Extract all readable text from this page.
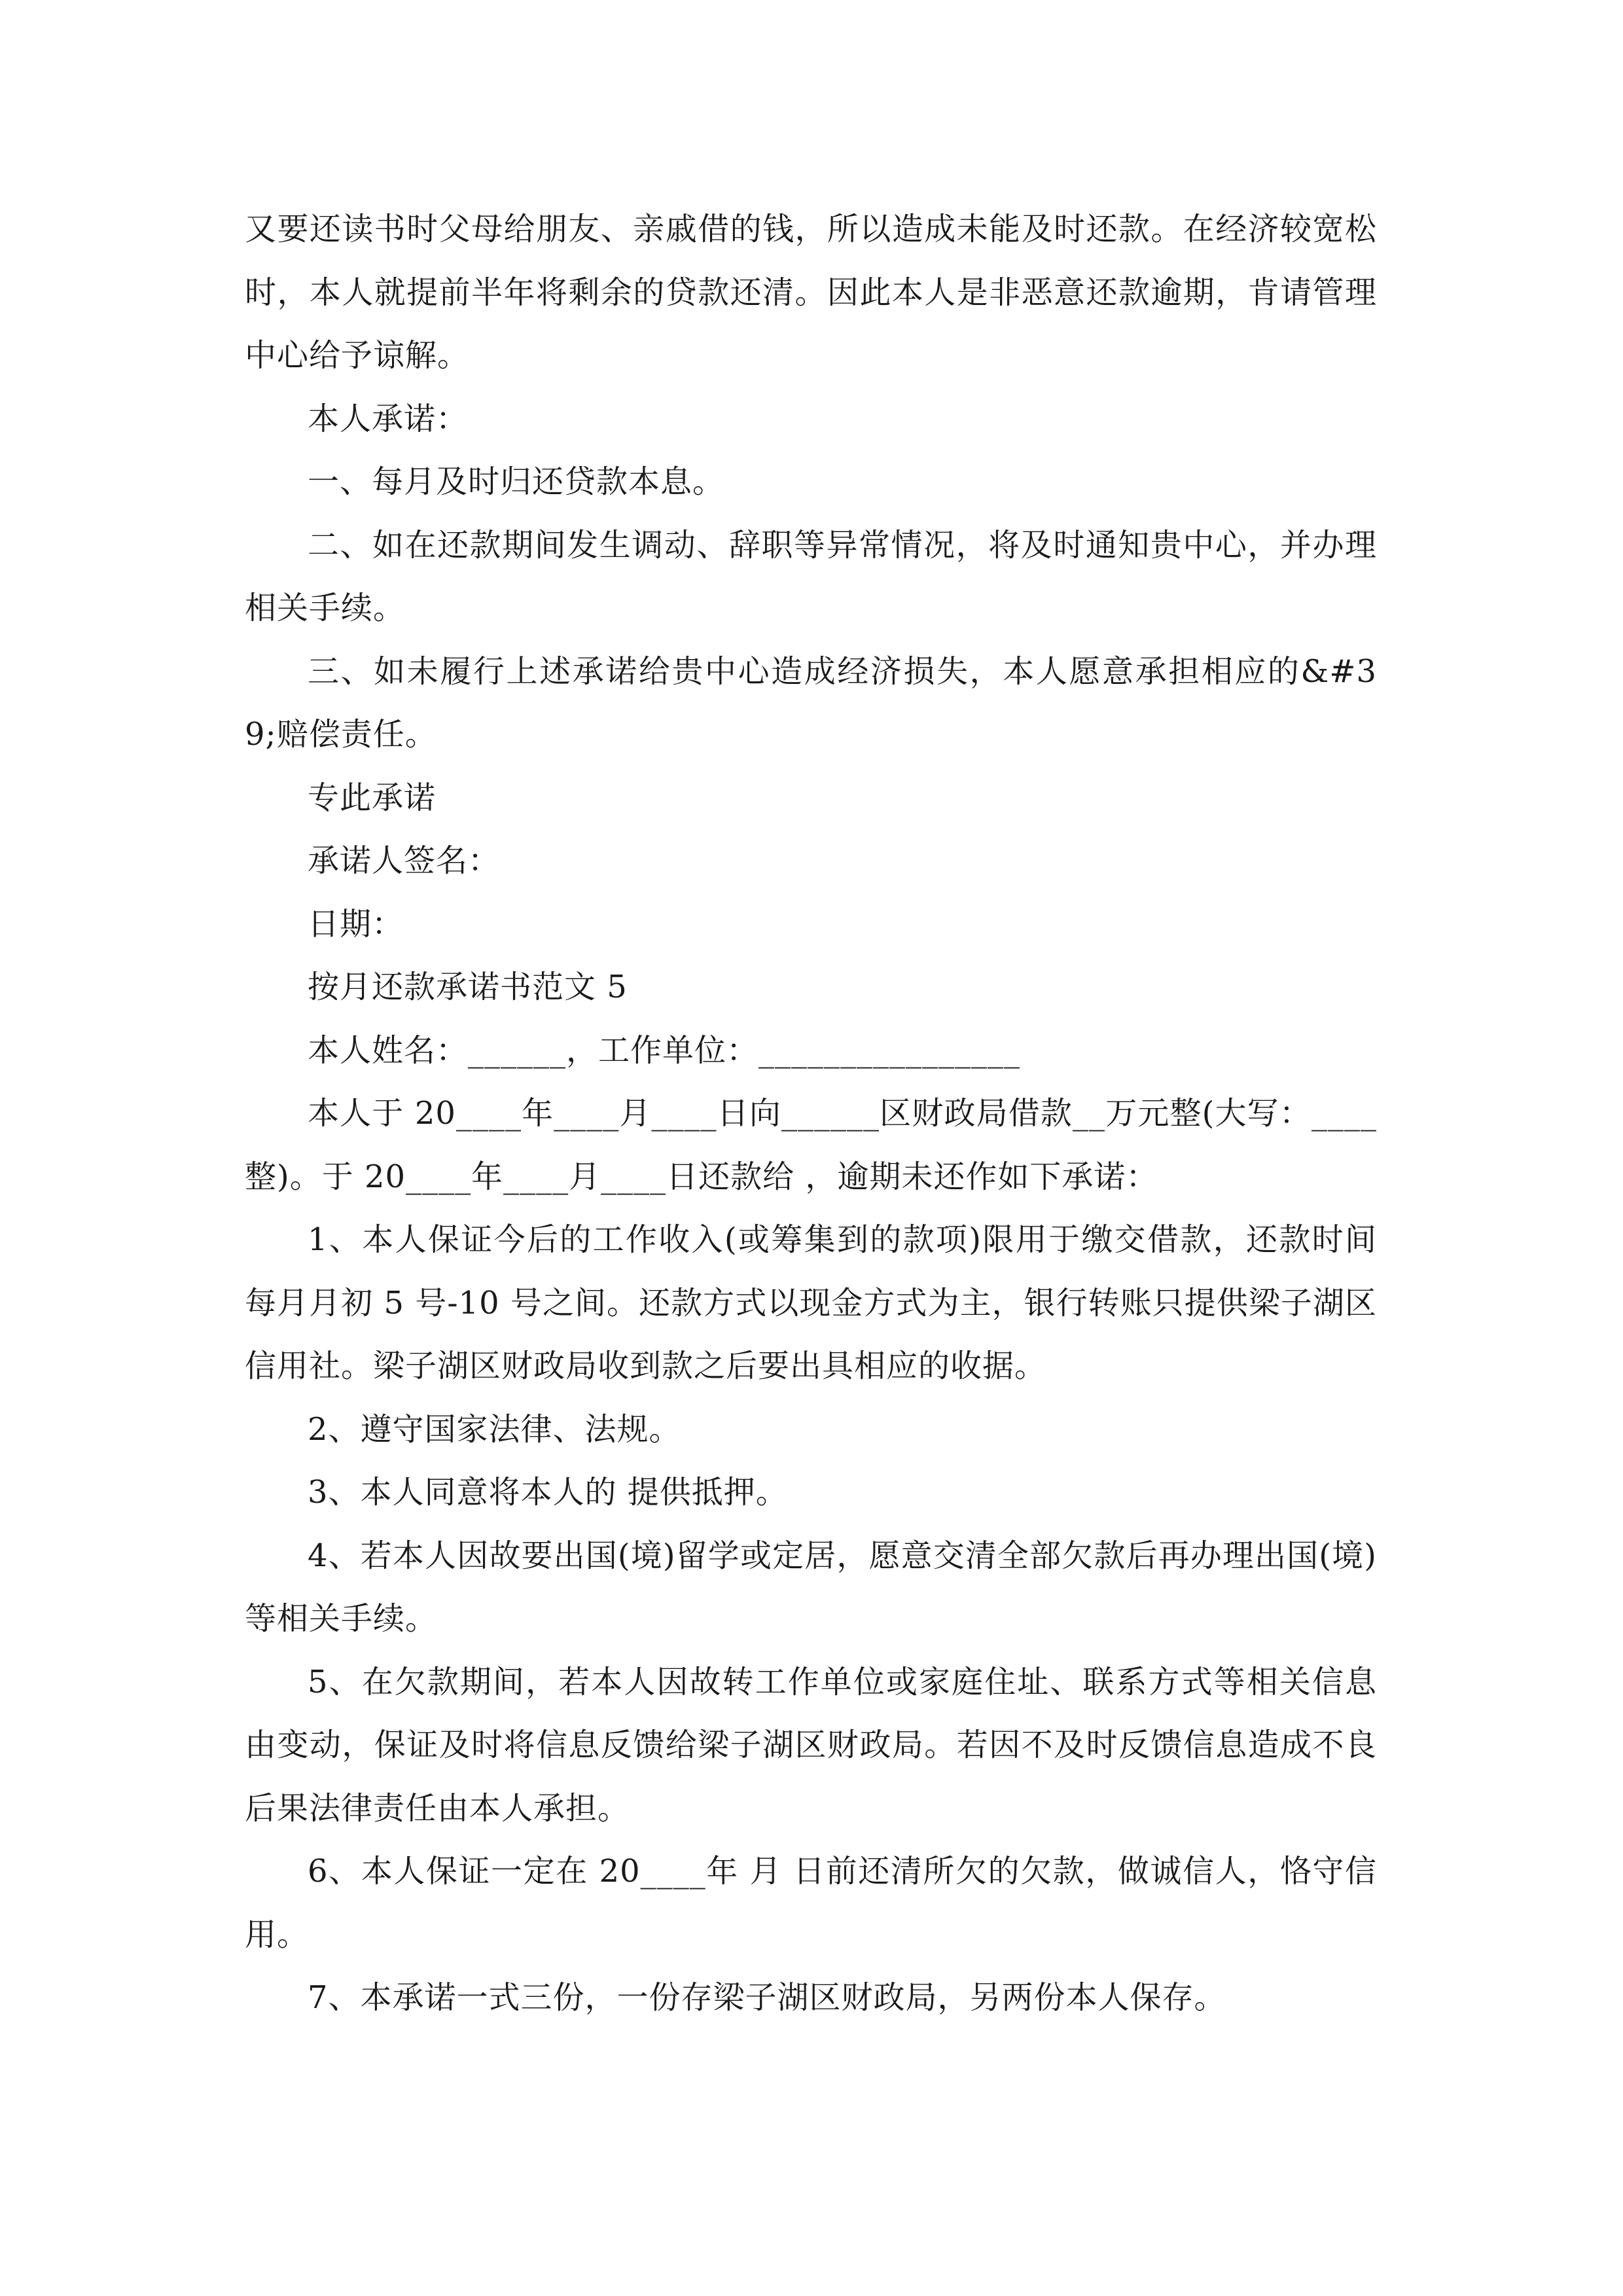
又要还读书时父母给朋友、亲戚借的钱，所以造成未能及时还款。在经济较宽松时，本人就提前半年将剩余的贷款还清。因此本人是非恶意还款逾期，肯请管理中心给予谅解。

本人承诺：

一、每月及时归还贷款本息。

二、如在还款期间发生调动、辞职等异常情况，将及时通知贵中心，并办理相关手续。

三、如未履行上述承诺给贵中心造成经济损失，本人愿意承担相应的&#39;赔偿责任。

专此承诺

承诺人签名：

日期：

按月还款承诺书范文 5

本人姓名：______，工作单位：________________

本人于 20____年____月____日向______区财政局借款__万元整(大写：____整)。于 20____年____月____日还款给 ，逾期未还作如下承诺：

1、本人保证今后的工作收入(或筹集到的款项)限用于缴交借款，还款时间每月月初 5 号-10 号之间。还款方式以现金方式为主，银行转账只提供梁子湖区信用社。梁子湖区财政局收到款之后要出具相应的收据。

2、遵守国家法律、法规。

3、本人同意将本人的 提供抵押。

4、若本人因故要出国(境)留学或定居，愿意交清全部欠款后再办理出国(境)等相关手续。

5、在欠款期间，若本人因故转工作单位或家庭住址、联系方式等相关信息由变动，保证及时将信息反馈给梁子湖区财政局。若因不及时反馈信息造成不良后果法律责任由本人承担。

6、本人保证一定在 20____年 月 日前还清所欠的欠款，做诚信人，恪守信用。

7、本承诺一式三份，一份存梁子湖区财政局，另两份本人保存。
